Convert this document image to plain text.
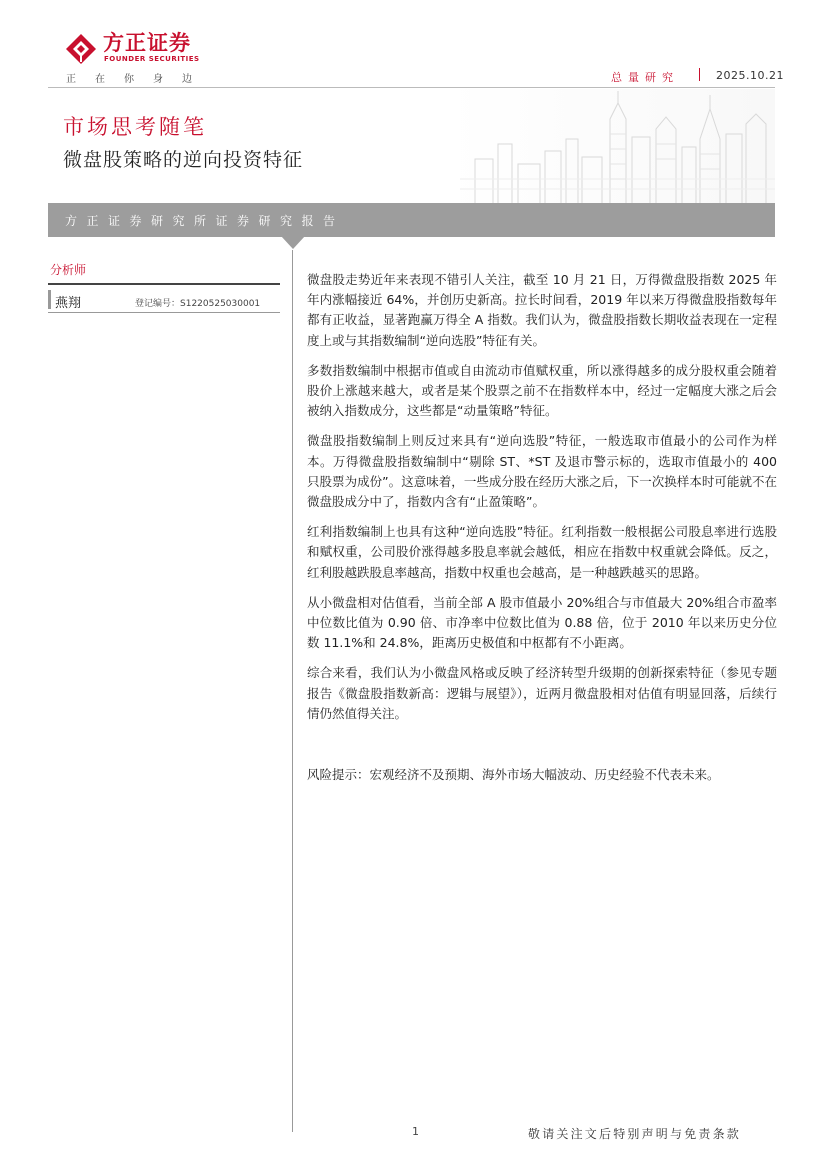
方正证券
FOUNDER SECURITIES
正在你身边	总量研究	2025.10.21
市场思考随笔
微盘股策略的逆向投资特征
方正证券研究所证券研究报告
分析师
燕翔	登记编号：S1220525030001

微盘股走势近年来表现不错引人关注，截至 10 月 21 日，万得微盘股指数 2025 年年内涨幅接近 64%，并创历史新高。拉长时间看，2019 年以来万得微盘股指数每年都有正收益，显著跑赢万得全 A 指数。我们认为，微盘股指数长期收益表现在一定程度上或与其指数编制“逆向选股”特征有关。

多数指数编制中根据市值或自由流动市值赋权重，所以涨得越多的成分股权重会随着股价上涨越来越大，或者是某个股票之前不在指数样本中，经过一定幅度大涨之后会被纳入指数成分，这些都是“动量策略”特征。

微盘股指数编制上则反过来具有“逆向选股”特征，一般选取市值最小的公司作为样本。万得微盘股指数编制中“剔除 ST、*ST 及退市警示标的，选取市值最小的 400 只股票为成份”。这意味着，一些成分股在经历大涨之后，下一次换样本时可能就不在微盘股成分中了，指数内含有“止盈策略”。

红利指数编制上也具有这种“逆向选股”特征。红利指数一般根据公司股息率进行选股和赋权重，公司股价涨得越多股息率就会越低，相应在指数中权重就会降低。反之，红利股越跌股息率越高，指数中权重也会越高，是一种越跌越买的思路。

从小微盘相对估值看，当前全部 A 股市值最小 20%组合与市值最大 20%组合市盈率中位数比值为 0.90 倍、市净率中位数比值为 0.88 倍，位于 2010 年以来历史分位数 11.1%和 24.8%，距离历史极值和中枢都有不小距离。

综合来看，我们认为小微盘风格或反映了经济转型升级期的创新探索特征（参见专题报告《微盘股指数新高：逻辑与展望》），近两月微盘股相对估值有明显回落，后续行情仍然值得关注。

风险提示：宏观经济不及预期、海外市场大幅波动、历史经验不代表未来。

1	敬请关注文后特别声明与免责条款
